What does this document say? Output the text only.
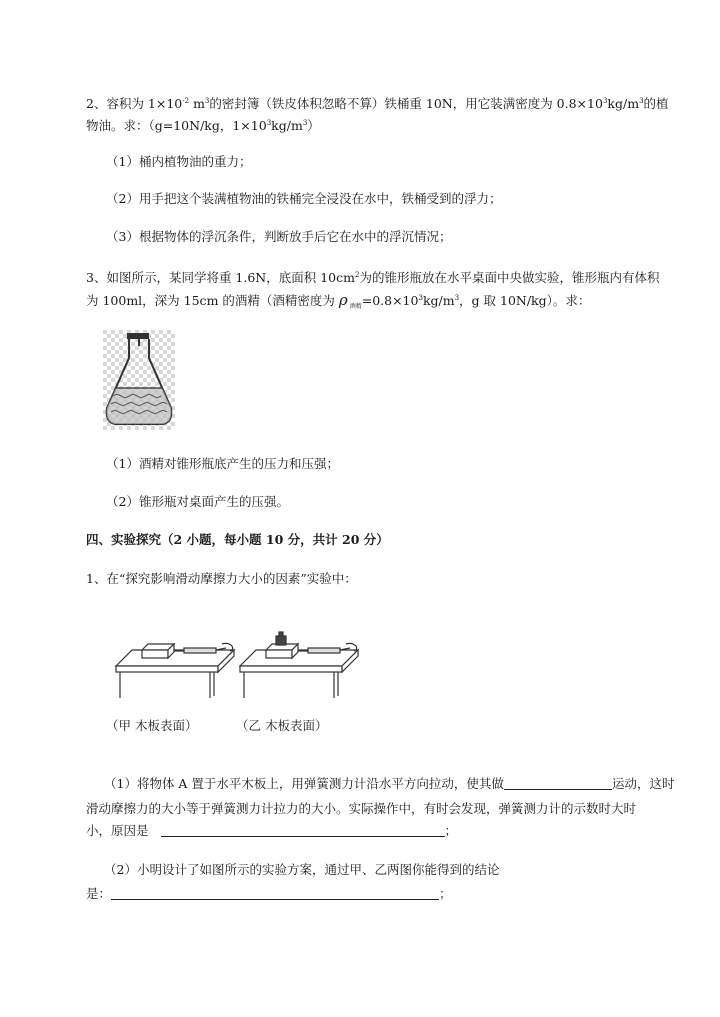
2、容积为 $1\times 10^{-2}$ $m^3$的密封簿（铁皮体积忽略不算）铁桶重 10N，用它装满密度为 $0.8\times 10^3kg/m^3$的植
物油。求：（g=10N/kg，$1\times 10^3kg/m^3$）
（1）桶内植物油的重力；
（2）用手把这个装满植物油的铁桶完全浸没在水中，铁桶受到的浮力；
（3）根据物体的浮沉条件，判断放手后它在水中的浮沉情况；
3、如图所示，某同学将重 1.6N，底面积 $10cm^2$为的锥形瓶放在水平桌面中央做实验，锥形瓶内有体积
为 100ml，深为 15cm 的酒精（酒精密度为 ρ $_{酒精}=0.8\times 10^3kg/m^3$，g 取 10N/kg）。求：
（1）酒精对锥形瓶底产生的压力和压强；
（2）锥形瓶对桌面产生的压强。
四、实验探究（2 小题，每小题 10 分，共计 20 分）
1、在“探究影响滑动摩擦力大小的因素”实验中：
（甲 木板表面）	（乙 木板表面）
（1）将物体 A 置于水平木板上，用弹簧测力计沿水平方向拉动，使其做	运动，这时
滑动摩擦力的大小等于弹簧测力计拉力的大小。实际操作中，有时会发现，弹簧测力计的示数时大时
小，原因是	；
（2）小明设计了如图所示的实验方案，通过甲、乙两图你能得到的结论
是：	；
